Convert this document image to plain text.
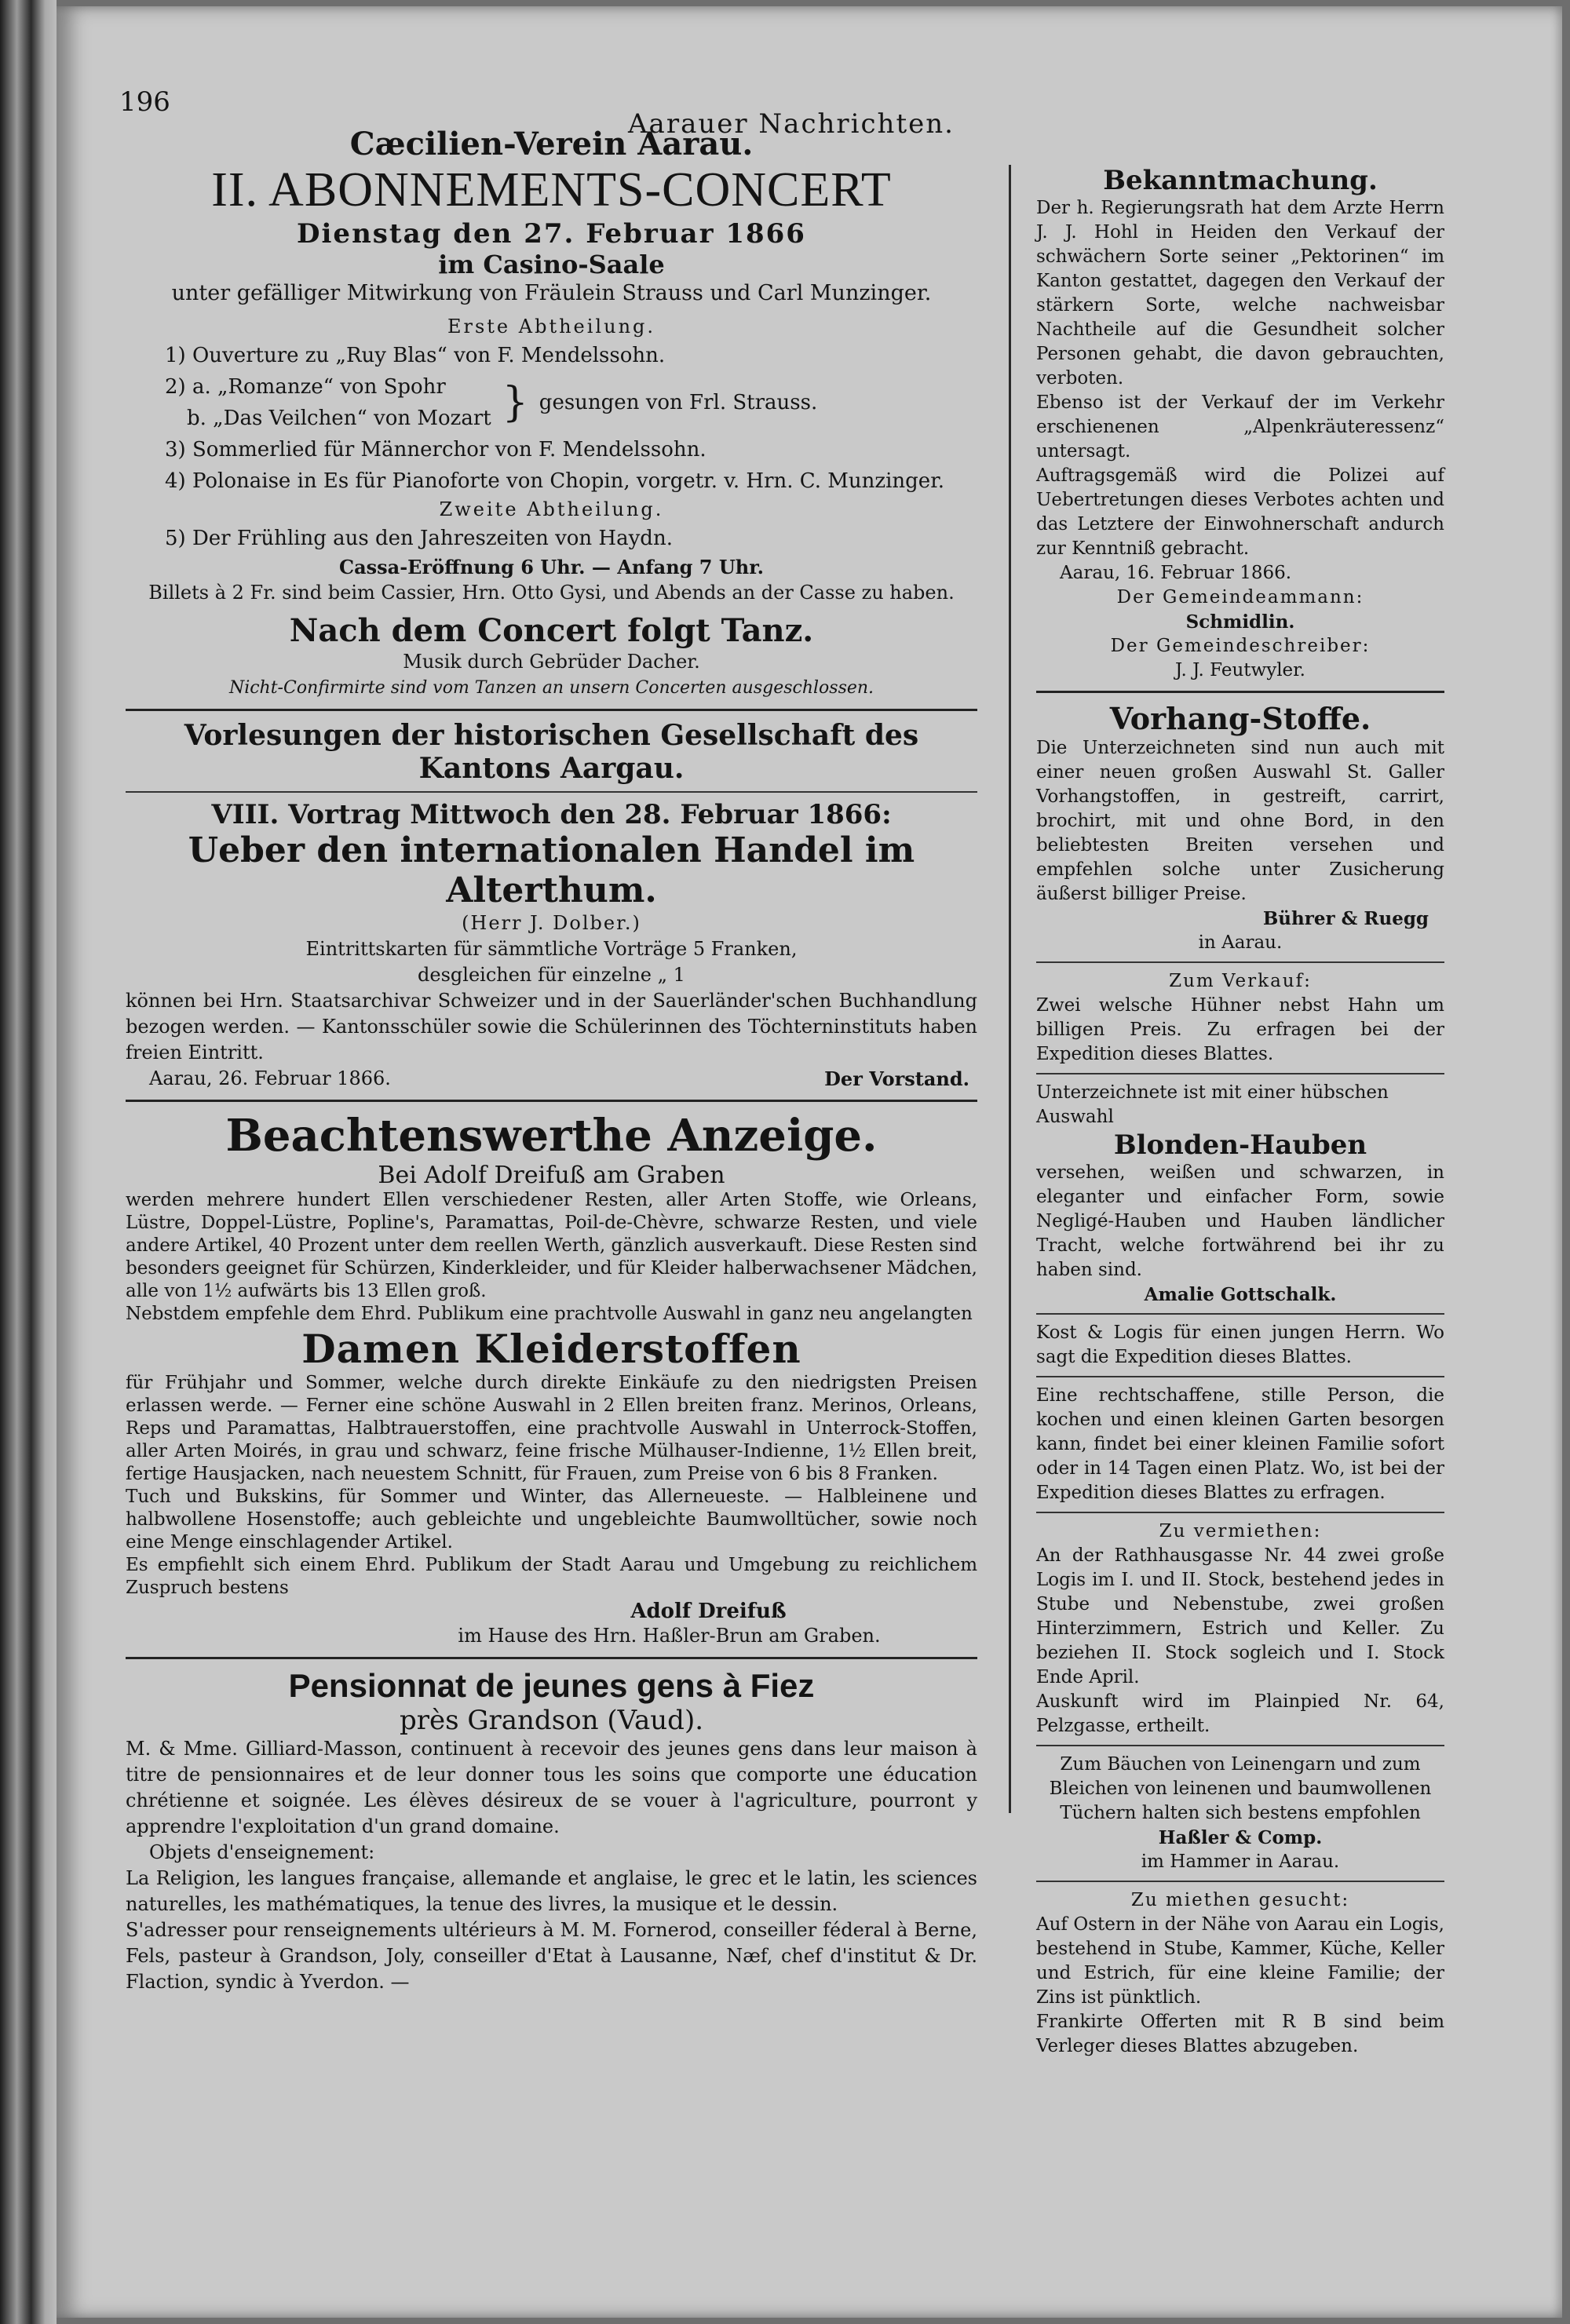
196
Aarauer Nachrichten.
Cæcilien-Verein Aarau.
II. ABONNEMENTS-CONCERT
Dienstag den 27. Februar 1866
im Casino-Saale
unter gefälliger Mitwirkung von Fräulein Strauss und Carl Munzinger.
Erste Abtheilung.
1) Ouverture zu „Ruy Blas“ von F. Mendelssohn.
2) a. „Romanze“ von Spohr
b. „Das Veilchen“ von Mozart } gesungen von Frl. Strauss.
3) Sommerlied für Männerchor von F. Mendelssohn.
4) Polonaise in Es für Pianoforte von Chopin, vorgetr. v. Hrn. C. Munzinger.
Zweite Abtheilung.
5) Der Frühling aus den Jahreszeiten von Haydn.
Cassa-Eröffnung 6 Uhr. — Anfang 7 Uhr.
Billets à 2 Fr. sind beim Cassier, Hrn. Otto Gysi, und Abends an der Casse zu haben.
Nach dem Concert folgt Tanz.
Musik durch Gebrüder Dacher.
Nicht-Confirmirte sind vom Tanzen an unsern Concerten ausgeschlossen.
Vorlesungen der historischen Gesellschaft des Kantons Aargau.
VIII. Vortrag Mittwoch den 28. Februar 1866:
Ueber den internationalen Handel im Alterthum.
(Herr J. Dolber.)
Eintrittskarten für sämmtliche Vorträge 5 Franken,
desgleichen für einzelne „ 1
können bei Hrn. Staatsarchivar Schweizer und in der Sauerländer'schen Buchhandlung bezogen werden. — Kantonsschüler sowie die Schülerinnen des Töchterninstituts haben freien Eintritt.
Aarau, 26. Februar 1866.	Der Vorstand.
Beachtenswerthe Anzeige.
Bei Adolf Dreifuß am Graben
werden mehrere hundert Ellen verschiedener Resten, aller Arten Stoffe, wie Orleans, Lüstre, Doppel-Lüstre, Popline's, Paramattas, Poil-de-Chèvre, schwarze Resten, und viele andere Artikel, 40 Prozent unter dem reellen Werth, gänzlich ausverkauft. Diese Resten sind besonders geeignet für Schürzen, Kinderkleider, und für Kleider halberwachsener Mädchen, alle von 1½ aufwärts bis 13 Ellen groß.
Nebstdem empfehle dem Ehrd. Publikum eine prachtvolle Auswahl in ganz neu angelangten
Damen Kleiderstoffen
für Frühjahr und Sommer, welche durch direkte Einkäufe zu den niedrigsten Preisen erlassen werde. — Ferner eine schöne Auswahl in 2 Ellen breiten franz. Merinos, Orleans, Reps und Paramattas, Halbtrauerstoffen, eine prachtvolle Auswahl in Unterrock-Stoffen, aller Arten Moirés, in grau und schwarz, feine frische Mülhauser-Indienne, 1½ Ellen breit, fertige Hausjacken, nach neuestem Schnitt, für Frauen, zum Preise von 6 bis 8 Franken.
Tuch und Bukskins, für Sommer und Winter, das Allerneueste. — Halbleinene und halbwollene Hosenstoffe; auch gebleichte und ungebleichte Baumwolltücher, sowie noch eine Menge einschlagender Artikel.
Es empfiehlt sich einem Ehrd. Publikum der Stadt Aarau und Umgebung zu reichlichem Zuspruch bestens
Adolf Dreifuß
im Hause des Hrn. Haßler-Brun am Graben.
Pensionnat de jeunes gens à Fiez
près Grandson (Vaud).
M. & Mme. Gilliard-Masson, continuent à recevoir des jeunes gens dans leur maison à titre de pensionnaires et de leur donner tous les soins que comporte une éducation chrétienne et soignée. Les élèves désireux de se vouer à l'agriculture, pourront y apprendre l'exploitation d'un grand domaine.
Objets d'enseignement:
La Religion, les langues française, allemande et anglaise, le grec et le latin, les sciences naturelles, les mathématiques, la tenue des livres, la musique et le dessin.
S'adresser pour renseignements ultérieurs à M. M. Fornerod, conseiller féderal à Berne, Fels, pasteur à Grandson, Joly, conseiller d'Etat à Lausanne, Næf, chef d'institut & Dr. Flaction, syndic à Yverdon. —
Bekanntmachung.
Der h. Regierungsrath hat dem Arzte Herrn J. J. Hohl in Heiden den Verkauf der schwächern Sorte seiner „Pektorinen“ im Kanton gestattet, dagegen den Verkauf der stärkern Sorte, welche nachweisbar Nachtheile auf die Gesundheit solcher Personen gehabt, die davon gebrauchten, verboten.
Ebenso ist der Verkauf der im Verkehr erschienenen „Alpenkräuteressenz“ untersagt.
Auftragsgemäß wird die Polizei auf Uebertretungen dieses Verbotes achten und das Letztere der Einwohnerschaft andurch zur Kenntniß gebracht.
Aarau, 16. Februar 1866.
Der Gemeindeammann:
Schmidlin.
Der Gemeindeschreiber:
J. J. Feutwyler.
Vorhang-Stoffe.
Die Unterzeichneten sind nun auch mit einer neuen großen Auswahl St. Galler Vorhangstoffen, in gestreift, carrirt, brochirt, mit und ohne Bord, in den beliebtesten Breiten versehen und empfehlen solche unter Zusicherung äußerst billiger Preise.
Bührer & Ruegg
in Aarau.
Zum Verkauf:
Zwei welsche Hühner nebst Hahn um billigen Preis. Zu erfragen bei der Expedition dieses Blattes.
Unterzeichnete ist mit einer hübschen Auswahl
Blonden-Hauben
versehen, weißen und schwarzen, in eleganter und einfacher Form, sowie Negligé-Hauben und Hauben ländlicher Tracht, welche fortwährend bei ihr zu haben sind.
Amalie Gottschalk.
Kost & Logis für einen jungen Herrn. Wo sagt die Expedition dieses Blattes.
Eine rechtschaffene, stille Person, die kochen und einen kleinen Garten besorgen kann, findet bei einer kleinen Familie sofort oder in 14 Tagen einen Platz. Wo, ist bei der Expedition dieses Blattes zu erfragen.
Zu vermiethen:
An der Rathhausgasse Nr. 44 zwei große Logis im I. und II. Stock, bestehend jedes in Stube und Nebenstube, zwei großen Hinterzimmern, Estrich und Keller. Zu beziehen II. Stock sogleich und I. Stock Ende April.
Auskunft wird im Plainpied Nr. 64, Pelzgasse, ertheilt.
Zum Bäuchen von Leinengarn und zum Bleichen von leinenen und baumwollenen Tüchern halten sich bestens empfohlen
Haßler & Comp.
im Hammer in Aarau.
Zu miethen gesucht:
Auf Ostern in der Nähe von Aarau ein Logis, bestehend in Stube, Kammer, Küche, Keller und Estrich, für eine kleine Familie; der Zins ist pünktlich.
Frankirte Offerten mit R B sind beim Verleger dieses Blattes abzugeben.
